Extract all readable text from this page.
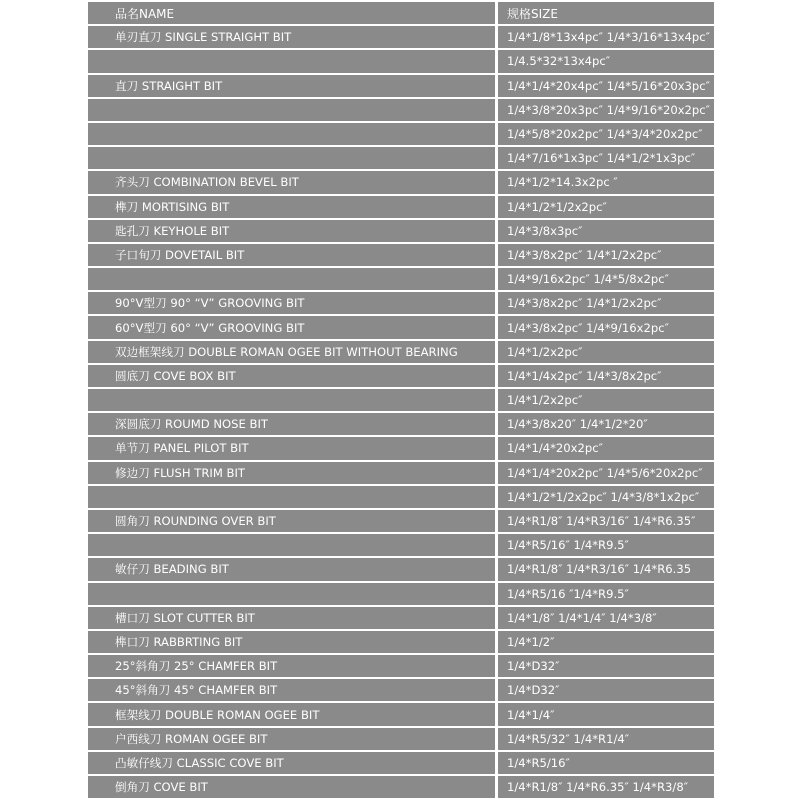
品名NAME	规格SIZE
单刃直刀 SINGLE STRAIGHT BIT	1/4*1/8*13x4pc″ 1/4*3/16*13x4pc″
1/4.5*32*13x4pc″
直刀 STRAIGHT BIT	1/4*1/4*20x4pc″ 1/4*5/16*20x3pc″
1/4*3/8*20x3pc″ 1/4*9/16*20x2pc″
1/4*5/8*20x2pc″ 1/4*3/4*20x2pc″
1/4*7/16*1x3pc″ 1/4*1/2*1x3pc″
齐头刀 COMBINATION BEVEL BIT	1/4*1/2*14.3x2pc ″
榫刀 MORTISING BIT	1/4*1/2*1/2x2pc″
匙孔刀 KEYHOLE BIT	1/4*3/8x3pc″
子口旬刀 DOVETAIL BIT	1/4*3/8x2pc″ 1/4*1/2x2pc″
1/4*9/16x2pc″ 1/4*5/8x2pc″
90°V型刀 90° “V” GROOVING BIT	1/4*3/8x2pc″ 1/4*1/2x2pc″
60°V型刀 60° “V” GROOVING BIT	1/4*3/8x2pc″ 1/4*9/16x2pc″
双边框架线刀 DOUBLE ROMAN OGEE BIT WITHOUT BEARING	1/4*1/2x2pc″
圆底刀 COVE BOX BIT	1/4*1/4x2pc″ 1/4*3/8x2pc″
1/4*1/2x2pc″
深圆底刀 ROUMD NOSE BIT	1/4*3/8x20″ 1/4*1/2*20″
单节刀 PANEL PILOT BIT	1/4*1/4*20x2pc″
修边刀 FLUSH TRIM BIT	1/4*1/4*20x2pc″ 1/4*5/6*20x2pc″
1/4*1/2*1/2x2pc″ 1/4*3/8*1x2pc″
圆角刀 ROUNDING OVER BIT	1/4*R1/8″ 1/4*R3/16″ 1/4*R6.35″
1/4*R5/16″ 1/4*R9.5″
敏仔刀 BEADING BIT	1/4*R1/8″ 1/4*R3/16″ 1/4*R6.35
1/4*R5/16 ″1/4*R9.5″
槽口刀 SLOT CUTTER BIT	1/4*1/8″ 1/4*1/4″ 1/4*3/8″
榫口刀 RABBRTING BIT	1/4*1/2″
25°斜角刀 25° CHAMFER BIT	1/4*D32″
45°斜角刀 45° CHAMFER BIT	1/4*D32″
框架线刀 DOUBLE ROMAN OGEE BIT	1/4*1/4″
户西线刀 ROMAN OGEE BIT	1/4*R5/32″ 1/4*R1/4″
凸敏仔线刀 CLASSIC COVE BIT	1/4*R5/16″
倒角刀 COVE BIT	1/4*R1/8″ 1/4*R6.35″ 1/4*R3/8″
